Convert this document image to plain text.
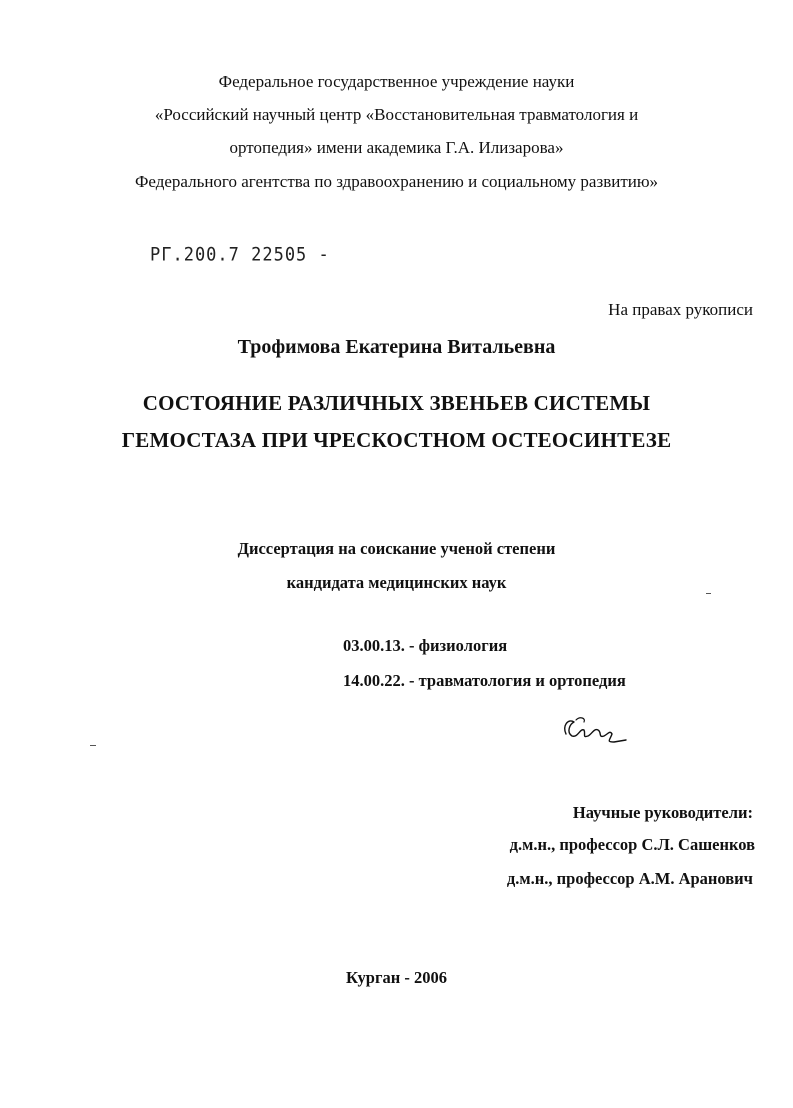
Федеральное государственное учреждение науки
«Российский научный центр «Восстановительная травматология и
ортопедия» имени академика Г.А. Илизарова»
Федерального агентства по здравоохранению и социальному развитию»
РГ.200.7 22505 -
На правах рукописи
Трофимова Екатерина Витальевна
СОСТОЯНИЕ РАЗЛИЧНЫХ ЗВЕНЬЕВ СИСТЕМЫ
ГЕМОСТАЗА ПРИ ЧРЕСКОСТНОМ ОСТЕОСИНТЕЗЕ
Диссертация на соискание ученой степени
кандидата медицинских наук
03.00.13. - физиология
14.00.22. - травматология и ортопедия
Научные руководители:
д.м.н., профессор С.Л. Сашенков
д.м.н., профессор А.М. Аранович
Курган - 2006
